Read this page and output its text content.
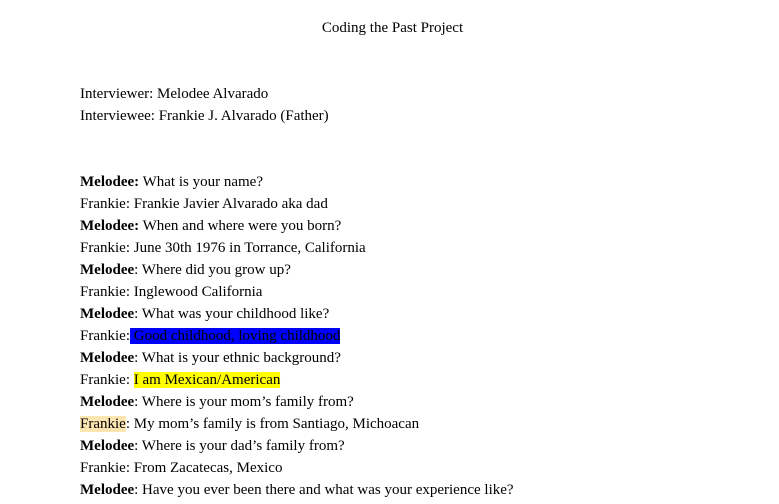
Coding the Past Project
Interviewer: Melodee Alvarado
Interviewee: Frankie J. Alvarado (Father)
Melodee: What is your name?
Frankie: Frankie Javier Alvarado aka dad
Melodee: When and where were you born?
Frankie: June 30th 1976 in Torrance, California
Melodee: Where did you grow up?
Frankie: Inglewood California
Melodee: What was your childhood like?
Frankie: Good childhood, loving childhood
Melodee: What is your ethnic background?
Frankie: I am Mexican/American
Melodee: Where is your mom’s family from?
Frankie: My mom’s family is from Santiago, Michoacan
Melodee: Where is your dad’s family from?
Frankie: From Zacatecas, Mexico
Melodee: Have you ever been there and what was your experience like?
